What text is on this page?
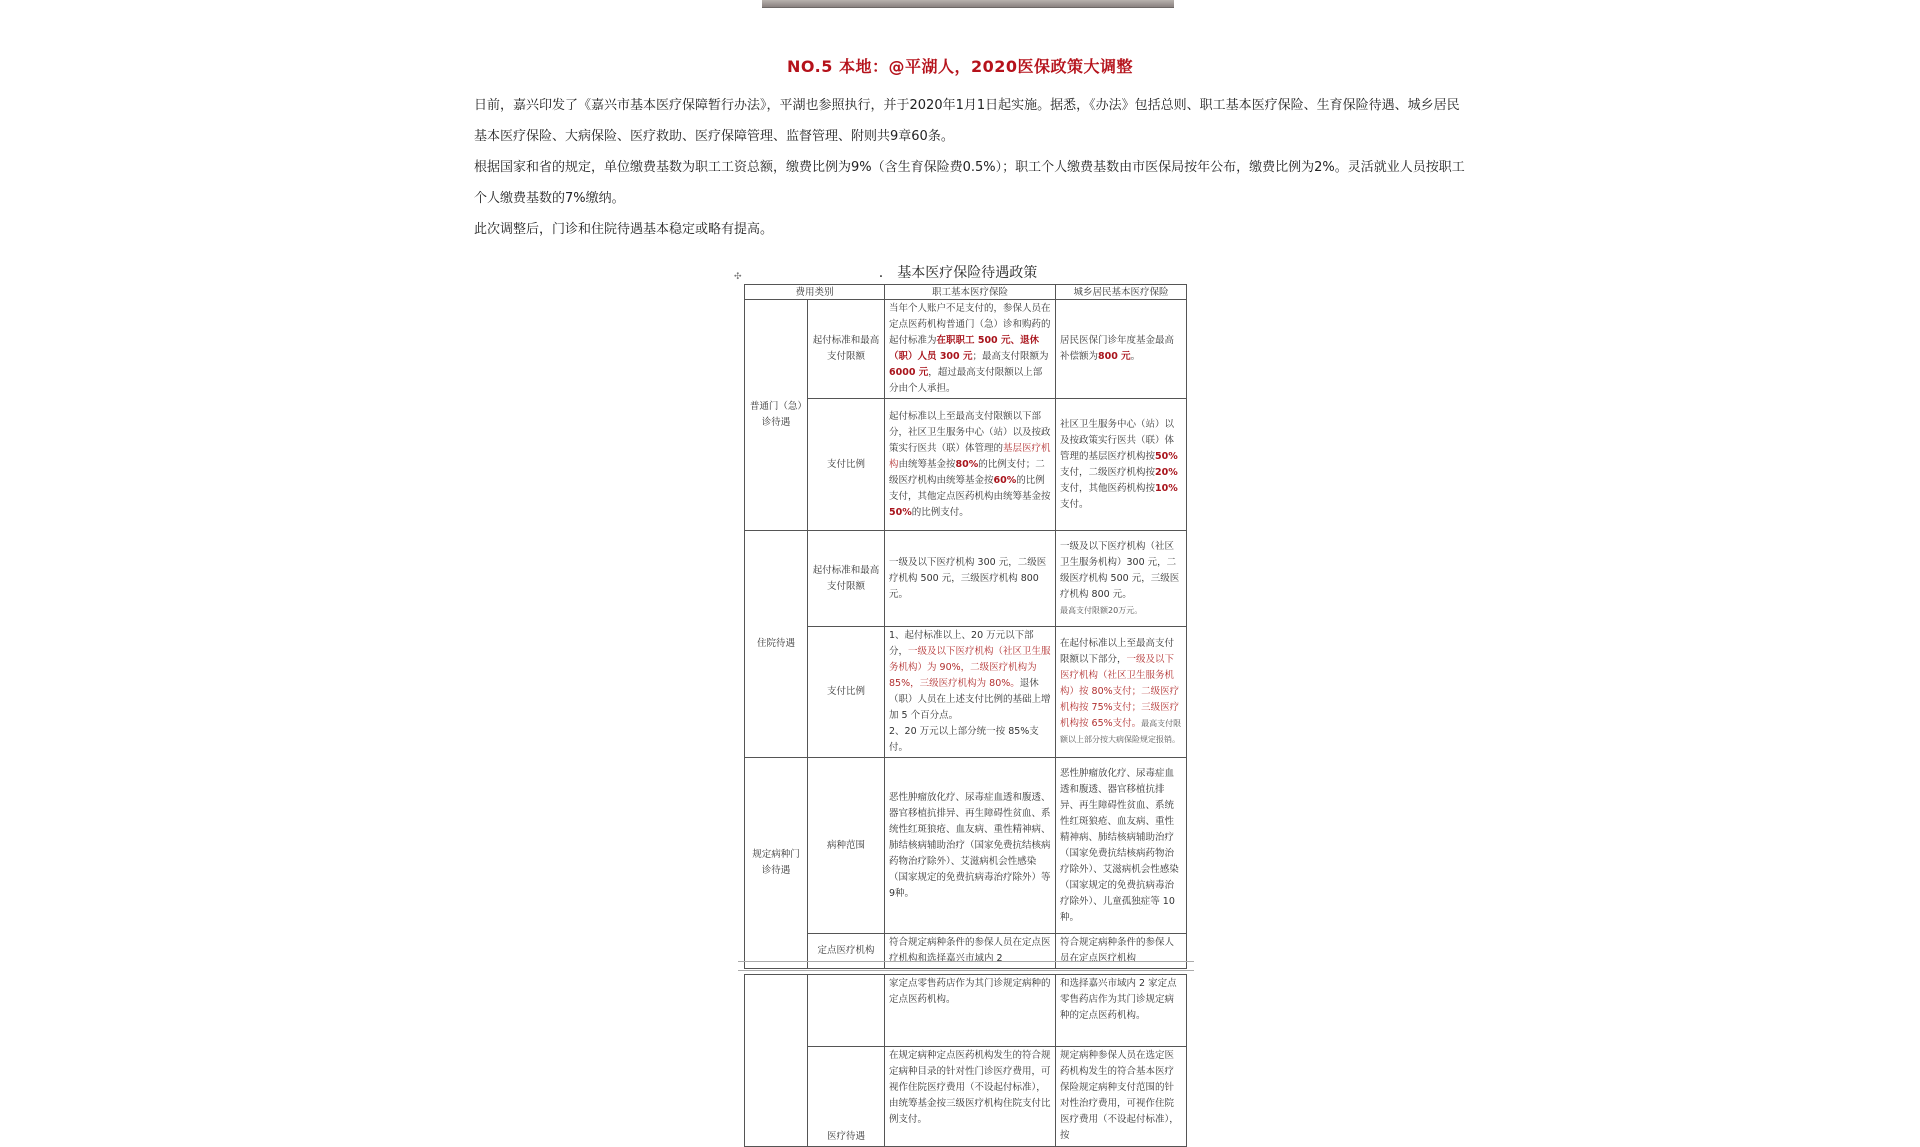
NO.5 本地：@平湖人，2020医保政策大调整

日前，嘉兴印发了《嘉兴市基本医疗保障暂行办法》，平湖也参照执行，并于2020年1月1日起实施。据悉，《办法》包括总则、职工基本医疗保险、生育保险待遇、城乡居民基本医疗保险、大病保险、医疗救助、医疗保障管理、监督管理、附则共9章60条。

根据国家和省的规定，单位缴费基数为职工工资总额，缴费比例为9%（含生育保险费0.5%）；职工个人缴费基数由市医保局按年公布，缴费比例为2%。灵活就业人员按职工个人缴费基数的7%缴纳。

此次调整后，门诊和住院待遇基本稳定或略有提高。

✣	. 基本医疗保险待遇政策
费用类别		职工基本医疗保险	城乡居民基本医疗保险
普通门（急）诊待遇	起付标准和最高支付限额	当年个人账户不足支付的，参保人员在定点医药机构普通门（急）诊和购药的起付标准为在职职工 500 元、退休（职）人员 300 元；最高支付限额为6000 元，超过最高支付限额以上部分由个人承担。	居民医保门诊年度基金最高补偿额为800 元。
	支付比例	起付标准以上至最高支付限额以下部分，社区卫生服务中心（站）以及按政策实行医共（联）体管理的基层医疗机构由统筹基金按80%的比例支付；二级医疗机构由统筹基金按60%的比例支付，其他定点医药机构由统筹基金按50%的比例支付。	社区卫生服务中心（站）以及按政策实行医共（联）体管理的基层医疗机构按50%支付，二级医疗机构按20%支付，其他医药机构按10%支付。
住院待遇	起付标准和最高支付限额	一级及以下医疗机构 300 元，二级医疗机构 500 元，三级医疗机构 800 元。	一级及以下医疗机构（社区卫生服务机构）300 元，二级医疗机构 500 元，三级医疗机构 800 元。
最高支付限额20万元。
	支付比例	1、起付标准以上、20 万元以下部分，一级及以下医疗机构（社区卫生服务机构）为 90%，二级医疗机构为 85%，三级医疗机构为 80%。退休（职）人员在上述支付比例的基础上增加 5 个百分点。
2、20 万元以上部分统一按 85%支付。	在起付标准以上至最高支付限额以下部分，一级及以下医疗机构（社区卫生服务机构）按 80%支付；二级医疗机构按 75%支付；三级医疗机构按 65%支付。最高支付限额以上部分按大病保险规定报销。
规定病种门诊待遇	病种范围	恶性肿瘤放化疗、尿毒症血透和腹透、器官移植抗排异、再生障碍性贫血、系统性红斑狼疮、血友病、重性精神病、肺结核病辅助治疗（国家免费抗结核病药物治疗除外）、艾滋病机会性感染（国家规定的免费抗病毒治疗除外）等9种。	恶性肿瘤放化疗、尿毒症血透和腹透、器官移植抗排异、再生障碍性贫血、系统性红斑狼疮、血友病、重性精神病、肺结核病辅助治疗（国家免费抗结核病药物治疗除外）、艾滋病机会性感染（国家规定的免费抗病毒治疗除外）、儿童孤独症等 10 种。
	定点医疗机构	符合规定病种条件的参保人员在定点医疗机构和选择嘉兴市域内 2	符合规定病种条件的参保人员在定点医疗机构
		家定点零售药店作为其门诊规定病种的定点医药机构。	和选择嘉兴市域内 2 家定点零售药店作为其门诊规定病种的定点医药机构。
	医疗待遇	在规定病种定点医药机构发生的符合规定病种目录的针对性门诊医疗费用，可视作住院医疗费用（不设起付标准），由统筹基金按三级医疗机构住院支付比例支付。	规定病种参保人员在选定医药机构发生的符合基本医疗保险规定病种支付范围的针对性治疗费用，可视作住院医疗费用（不设起付标准），按
